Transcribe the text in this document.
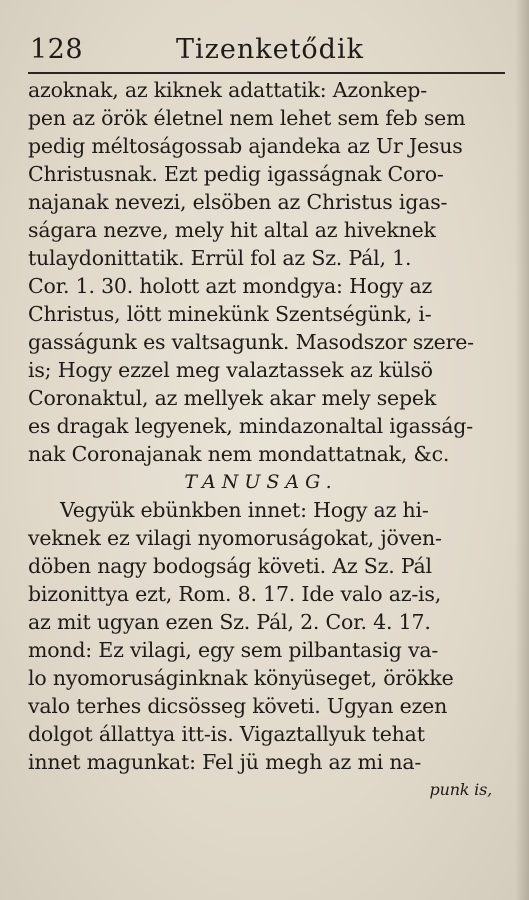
128	Tizenketődik
azoknak, az kiknek adattatik: Azonkep-
pen az örök életnel nem lehet sem feb sem
pedig méltoságossab ajandeka az Ur Jesus
Christusnak. Ezt pedig igasságnak Coro-
najanak nevezi, elsöben az Christus igas-
ságara nezve, mely hit altal az hiveknek
tulaydonittatik. Errül fol az Sz. Pál, 1.
Cor. 1. 30. holott azt mondgya: Hogy az
Christus, lött minekünk Szentségünk, i-
gasságunk es valtsagunk. Masodszor szere-
is; Hogy ezzel meg valaztassek az külsö
Coronaktul, az mellyek akar mely sepek
es dragak legyenek, mindazonaltal igasság-
nak Coronajanak nem mondattatnak, &c.
TANUSAG.
Vegyük ebünkben innet: Hogy az hi-
veknek ez vilagi nyomoruságokat, jöven-
döben nagy bodogság követi. Az Sz. Pál
bizonittya ezt, Rom. 8. 17. Ide valo az-is,
az mit ugyan ezen Sz. Pál, 2. Cor. 4. 17.
mond: Ez vilagi, egy sem pilbantasig va-
lo nyomoruságinknak könyüseget, örökke
valo terhes dicsösseg követi. Ugyan ezen
dolgot állattya itt-is. Vigaztallyuk tehat
innet magunkat: Fel jü megh az mi na-
punk is,
